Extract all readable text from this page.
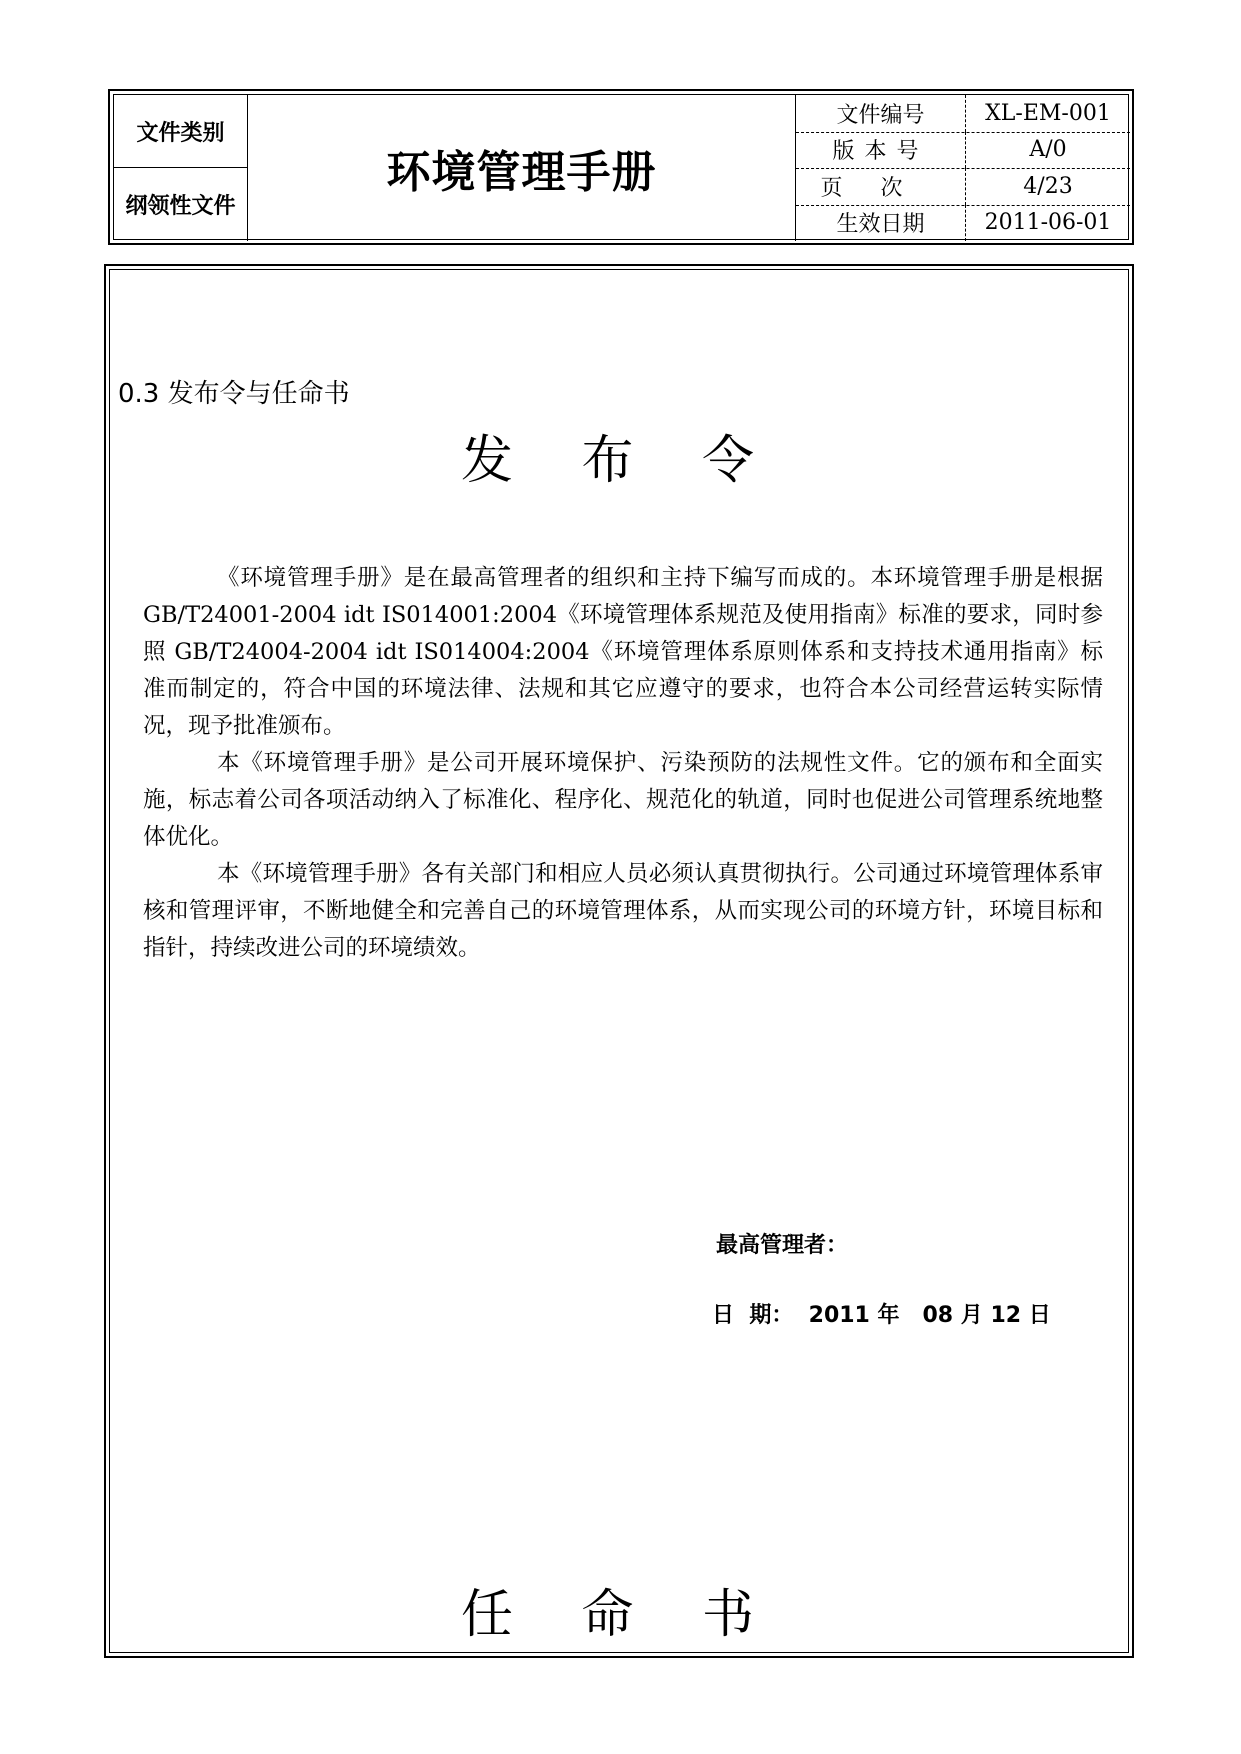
文件类别
纲领性文件
环境管理手册
文件编号	XL-EM-001
版本号	A/0
页次	4/23
生效日期	2011-06-01
0.3 发布令与任命书
发 布 令

《环境管理手册》是在最高管理者的组织和主持下编写而成的。本环境管理手册是根据 GB/T24001-2004 idt IS014001:2004《环境管理体系规范及使用指南》标准的要求，同时参照 GB/T24004-2004 idt IS014004:2004《环境管理体系原则体系和支持技术通用指南》标准而制定的，符合中国的环境法律、法规和其它应遵守的要求，也符合本公司经营运转实际情况，现予批准颁布。

本《环境管理手册》是公司开展环境保护、污染预防的法规性文件。它的颁布和全面实施，标志着公司各项活动纳入了标准化、程序化、规范化的轨道，同时也促进公司管理系统地整体优化。

本《环境管理手册》各有关部门和相应人员必须认真贯彻执行。公司通过环境管理体系审核和管理评审，不断地健全和完善自己的环境管理体系，从而实现公司的环境方针，环境目标和指针，持续改进公司的环境绩效。

最高管理者：
日  期：  2011 年   08 月 12 日
任 命 书
